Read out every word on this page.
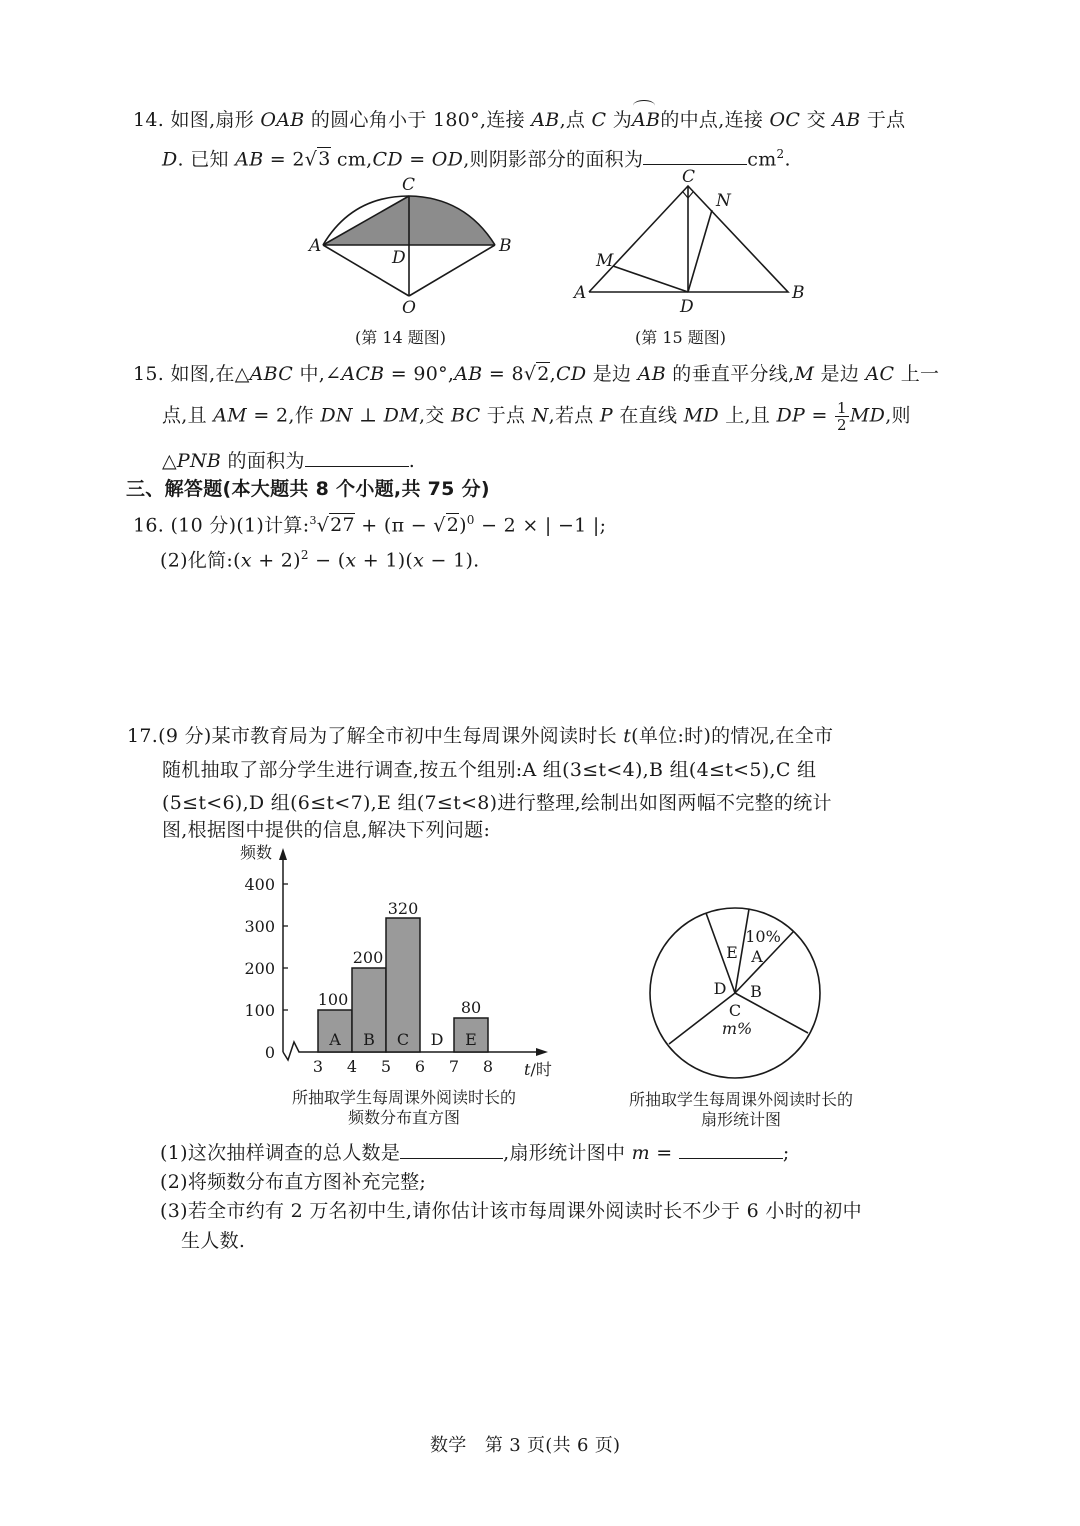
14. 如图,扇形 OAB 的圆心角小于 180°,连接 AB,点 C 为
AB的中点,连接 OC 交 AB 于点
D. 已知 AB = 2√3 cm,CD = OD,则阴影部分的面积为	$cm^2$.
C
A	B
D
O
C
N
M
A	B
D
400
300
200
100
0
频数
100
200
320
80
A B C D E
3 4 5 6 7 8 t/时
10%
A
E
D B
C
m%
(第 14 题图)	(第 15 题图)
15. 如图,在△ABC 中,∠ACB = 90°,AB = 8√2,CD 是边 AB 的垂直平分线,M 是边 AC 上一
点,且 AM = 2,作 DN ⊥ DM,交 BC 于点 N,若点 P 在直线 MD 上,且 DP = $\frac{1}{2}$ MD,则
△PNB 的面积为	.
三、解答题(本大题共 8 个小题,共 75 分)
16. (10 分)(1)计算:$^3$√27 + $(\pi - √2)^0 - 2$ × | −1 |;
(2)化简:(x + 2)$^2$ − (x + 1)(x − 1).
17.(9 分)某市教育局为了解全市初中生每周课外阅读时长 t(单位:时)的情况,在全市
随机抽取了部分学生进行调查,按五个组别:A 组(3≤t<4),B 组(4≤t<5),C 组
(5≤t<6),D 组(6≤t<7),E 组(7≤t<8)进行整理,绘制出如图两幅不完整的统计
图,根据图中提供的信息,解决下列问题:
所抽取学生每周课外阅读时长的
频数分布直方图
所抽取学生每周课外阅读时长的
扇形统计图
(1)这次抽样调查的总人数是	,扇形统计图中 m =	;
(2)将频数分布直方图补充完整;
(3)若全市约有 2 万名初中生,请你估计该市每周课外阅读时长不少于 6 小时的初中
生人数.
数学　第 3 页(共 6 页)
